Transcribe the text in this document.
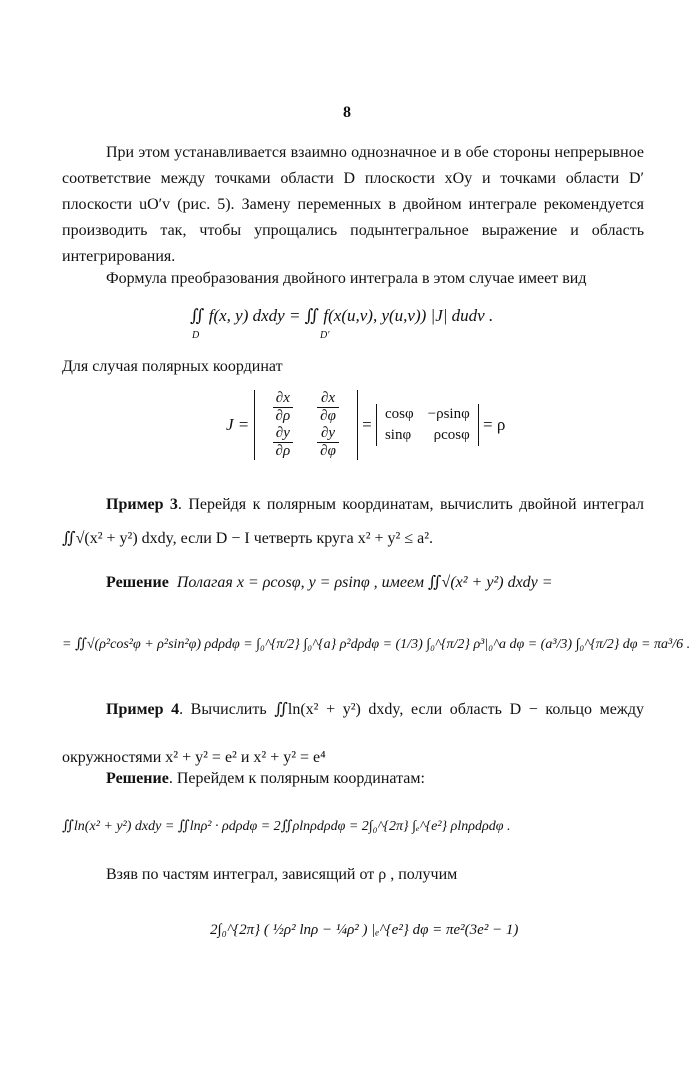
8
При этом устанавливается взаимно однозначное и в обе стороны непрерывное соответствие между точками области D плоскости xOy и точками области D′ плоскости uO′v (рис. 5). Замену переменных в двойном интеграле рекомендуется производить так, чтобы упрощались подынтегральное выражение и область интегрирования.
Формула преобразования двойного интеграла в этом случае имеет вид
∬ f(x, y) dxdy = ∬ f(x(u,v), y(u,v)) |J| dudv .
D	D′
Для случая полярных координат
$J = \frac{\partial x}{\partial\rho}$	$\frac{\partial x}{\partial\varphi}$

$\frac{\partial y}{\partial\rho}$	$\frac{\partial y}{\partial\varphi}$
=
cosφ	−ρsinφ
sinφ	ρcosφ
= ρ
Пример 3. Перейдя к полярным координатам, вычислить двойной интеграл ∬√(x² + y²) dxdy, если D − I четверть круга x² + y² ≤ a².
Решение Полагая x = ρcosφ, y = ρsinφ , имеем ∬√(x² + y²) dxdy =
= ∬√(ρ²cos²φ + ρ²sin²φ) ρdρdφ = ∫₀^{π/2} ∫₀^{a} ρ²dρdφ = (1/3) ∫₀^{π/2} ρ³|₀^a dφ = (a³/3) ∫₀^{π/2} dφ = πa³/6 .
Пример 4. Вычислить ∬ln(x² + y²) dxdy, если область D − кольцо между окружностями x² + y² = e² и x² + y² = e⁴
Решение. Перейдем к полярным координатам:
∬ln(x² + y²) dxdy = ∬lnρ² · ρdρdφ = 2∬ρlnρdρdφ = 2∫₀^{2π} ∫ₑ^{e²} ρlnρdρdφ .
Взяв по частям интеграл, зависящий от ρ , получим
2∫₀^{2π} ( ½ρ² lnρ − ¼ρ² ) |ₑ^{e²} dφ = πe²(3e² − 1)
